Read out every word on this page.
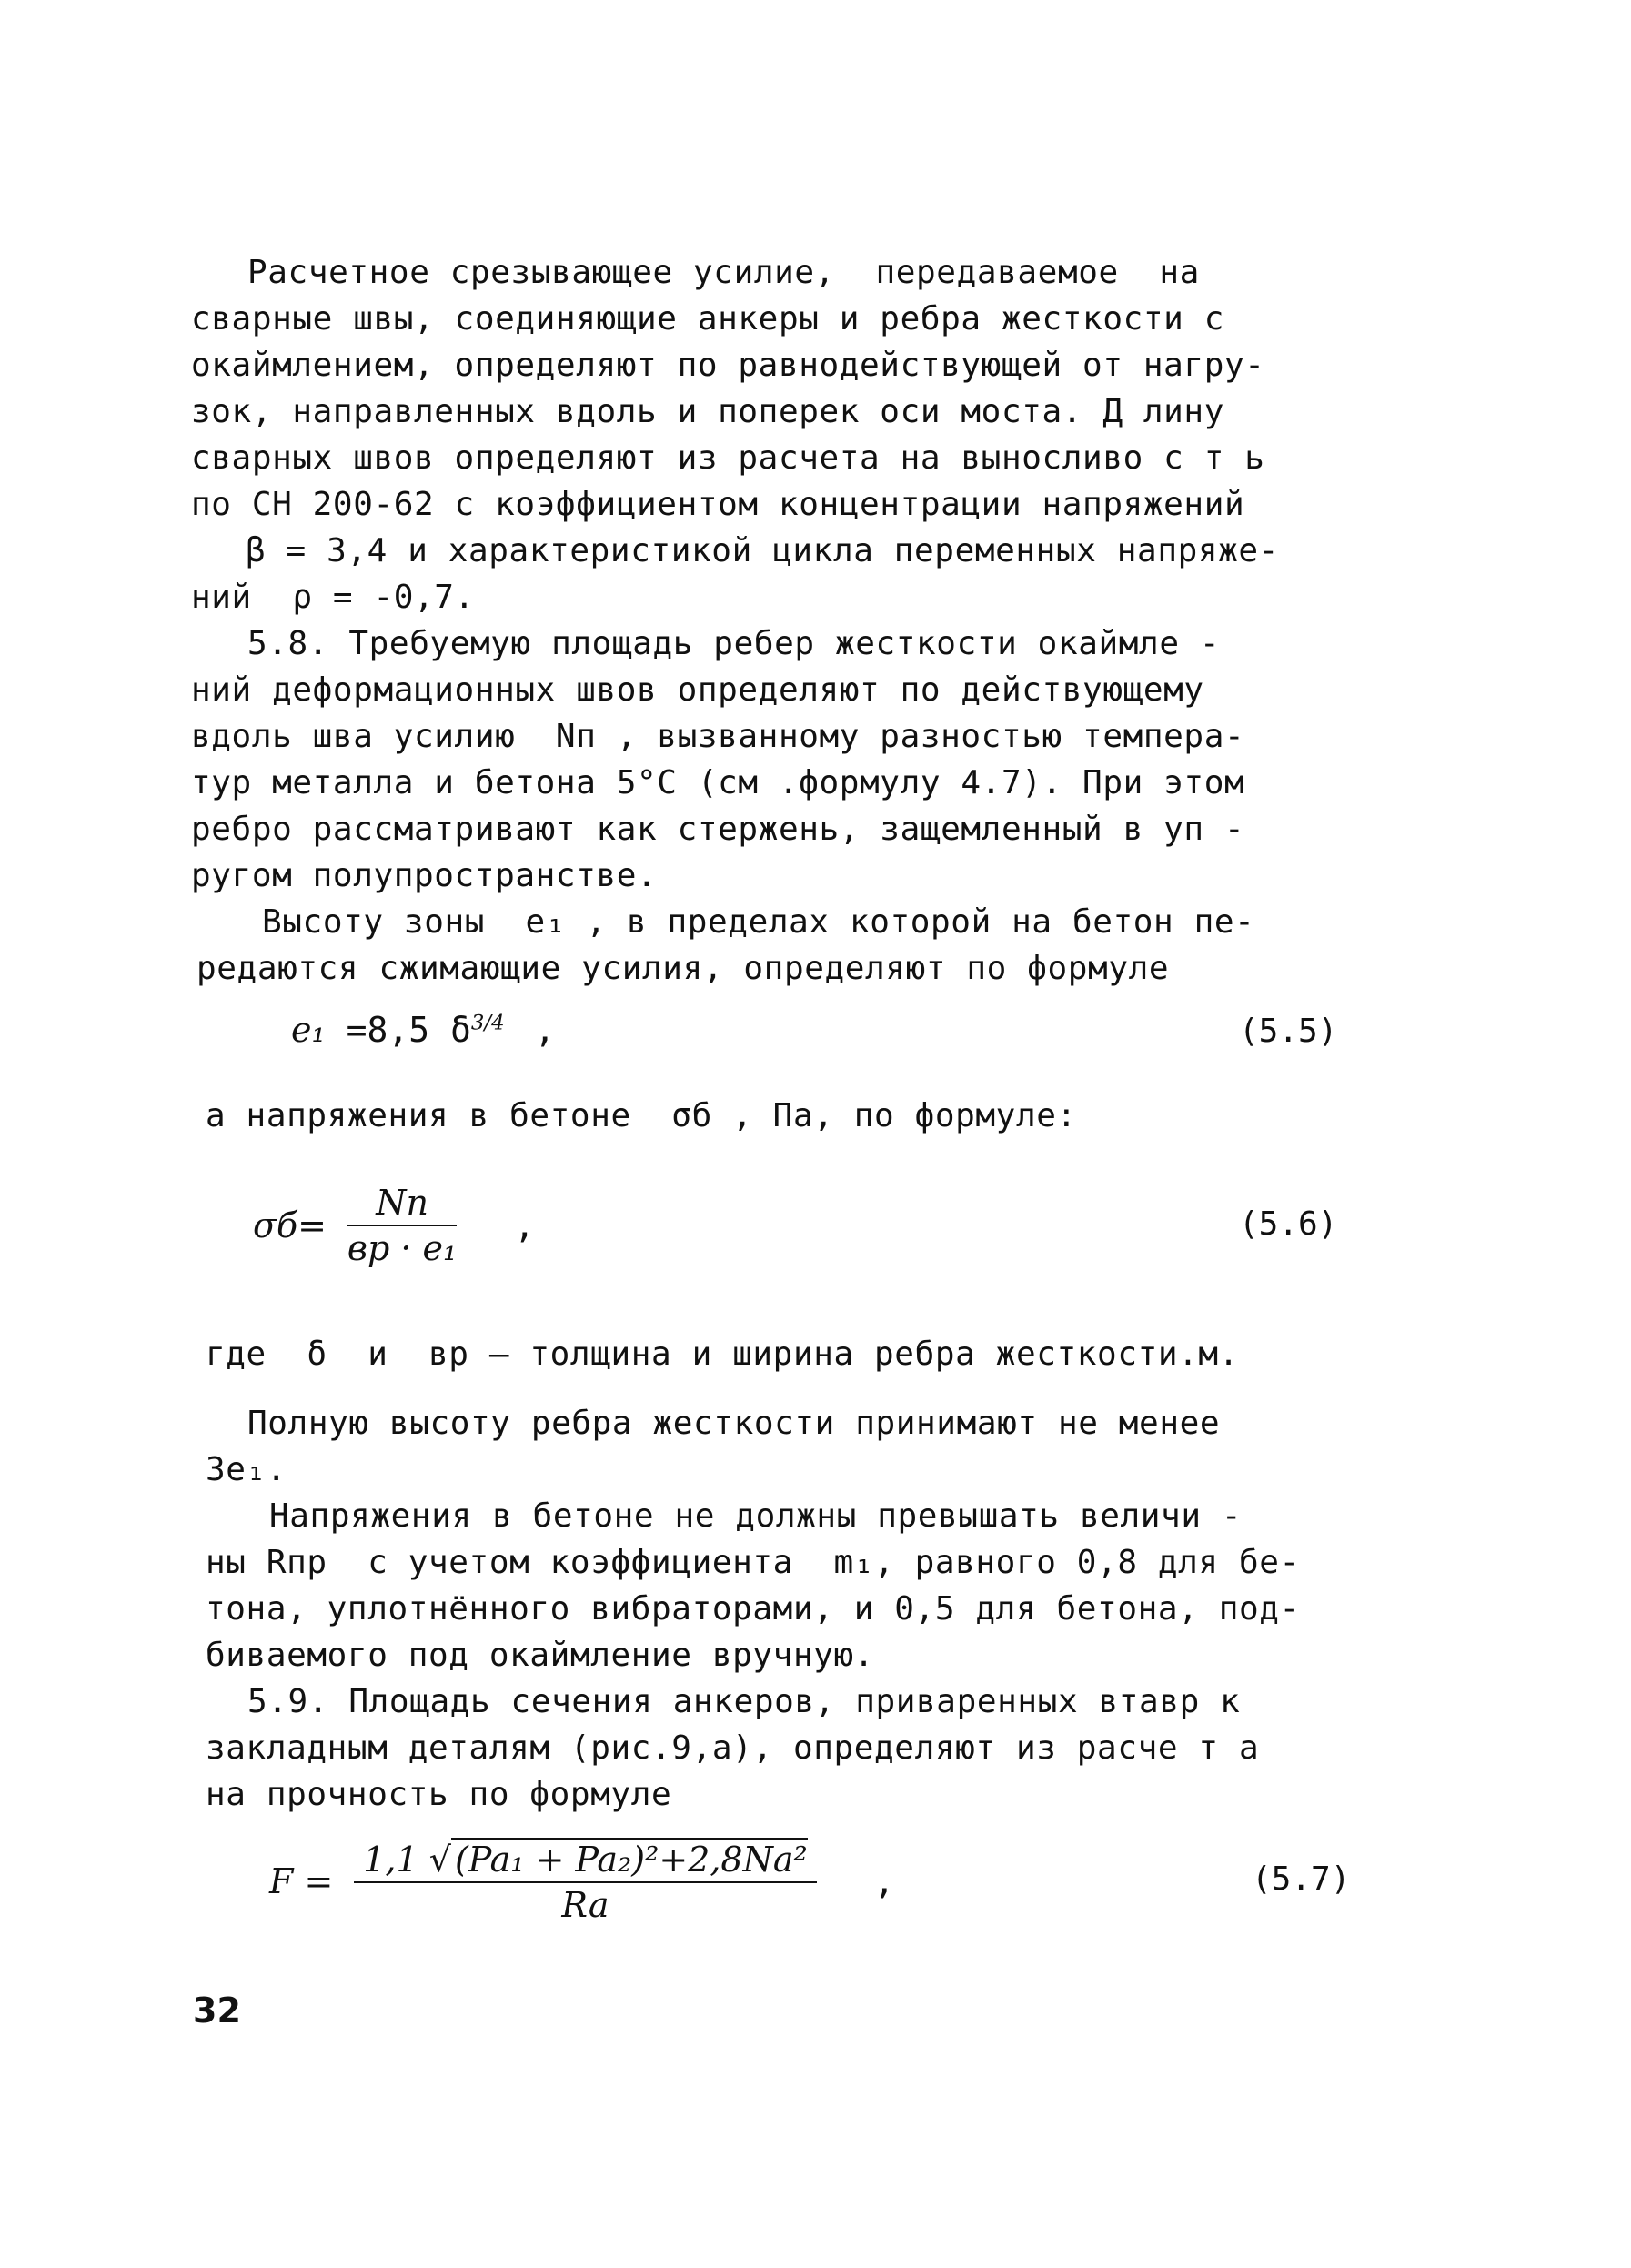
Расчетное срезывающее усилие,  передаваемое  на
сварные швы, соединяющие анкеры и ребра жесткости с
окаймлением, определяют по равнодействующей от нагру-
зок, направленных вдоль и поперек оси моста. Д лину
сварных швов определяют из расчета на выносливо с т ь
по СН 200-62 с коэффициентом концентрации напряжений
β = 3,4 и характеристикой цикла переменных напряже-
ний  ρ = -0,7.
5.8. Требуемую площадь ребер жесткости окаймле -
ний деформационных швов определяют по действующему
вдоль шва усилию  Nп , вызванному разностью темпера-
тур металла и бетона 5°С (см .формулу 4.7). При этом
ребро рассматривают как стержень, защемленный в уп -
ругом полупространстве.
Высоту зоны  e₁ , в пределах которой на бетон пе-
редаются сжимающие усилия, определяют по формуле
e₁ =8,5 $\delta^{3/4}$ ,	(5.5)
а напряжения в бетоне  σб , Па, по формуле:
$\sigma б= \frac{Nп}{\text{вр · e₁}}$ ,	(5.6)
где  δ  и  вр – толщина и ширина ребра жесткости.м.
Полную высоту ребра жесткости принимают не менее
3e₁.
Напряжения в бетоне не должны превышать величи -
ны Rпр  с учетом коэффициента  m₁, равного 0,8 для бе-
тона, уплотнённого вибраторами, и 0,5 для бетона, под-
биваемого под окаймление вручную.
5.9. Площадь сечения анкеров, приваренных втавр к
закладным деталям (рис.9,а), определяют из расче т а
на прочность по формуле
$F = \frac{\text{1,1 √ (Pa₁ + Pa₂)²+2,8Na²}}{Ra}$ ,	(5.7)
32
